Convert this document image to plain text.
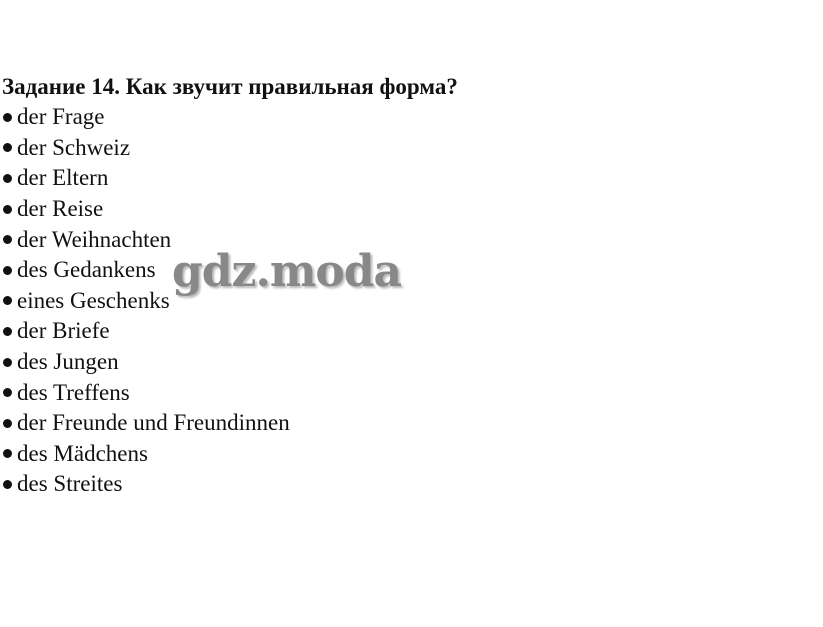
Задание 14. Как звучит правильная форма?
der Frage
der Schweiz
der Eltern
der Reise
der Weihnachten
des Gedankens
eines Geschenks
der Briefe
des Jungen
des Treffens
der Freunde und Freundinnen
des Mädchens
des Streites
gdz.moda
